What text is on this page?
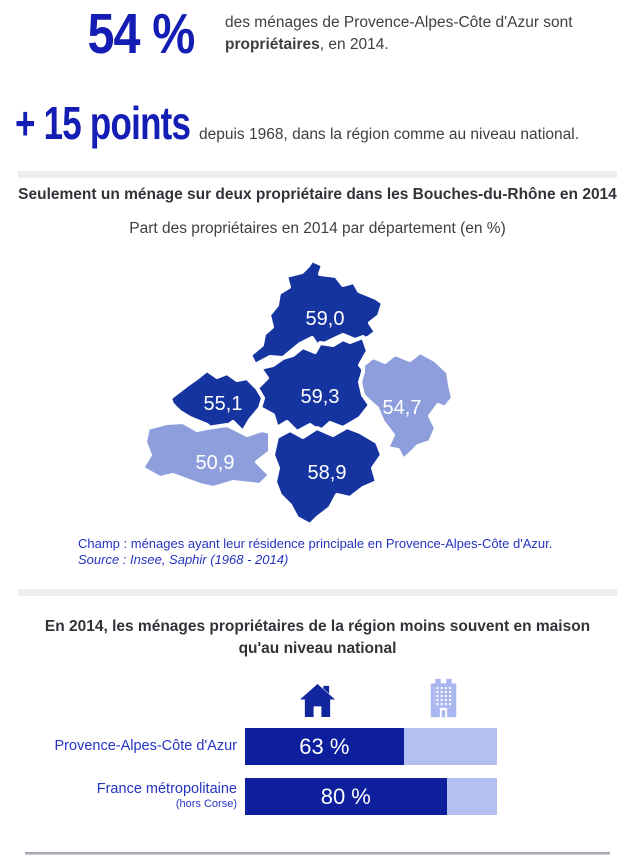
54 %	des ménages de Provence-Alpes-Côte d'Azur sont
propriétaires, en 2014.
+ 15 points depuis 1968, dans la région comme au niveau national.
Seulement un ménage sur deux propriétaire dans les Bouches-du-Rhône en 2014
Part des propriétaires en 2014 par département (en %)
59,0
59,3
55,1	54,7
50,9	58,9
Champ : ménages ayant leur résidence principale en Provence-Alpes-Côte d'Azur.
Source : Insee, Saphir (1968 - 2014)
En 2014, les ménages propriétaires de la région moins souvent en maison
qu'au niveau national
Provence-Alpes-Côte d'Azur	63 %
France métropolitaine
(hors Corse)	80 %
